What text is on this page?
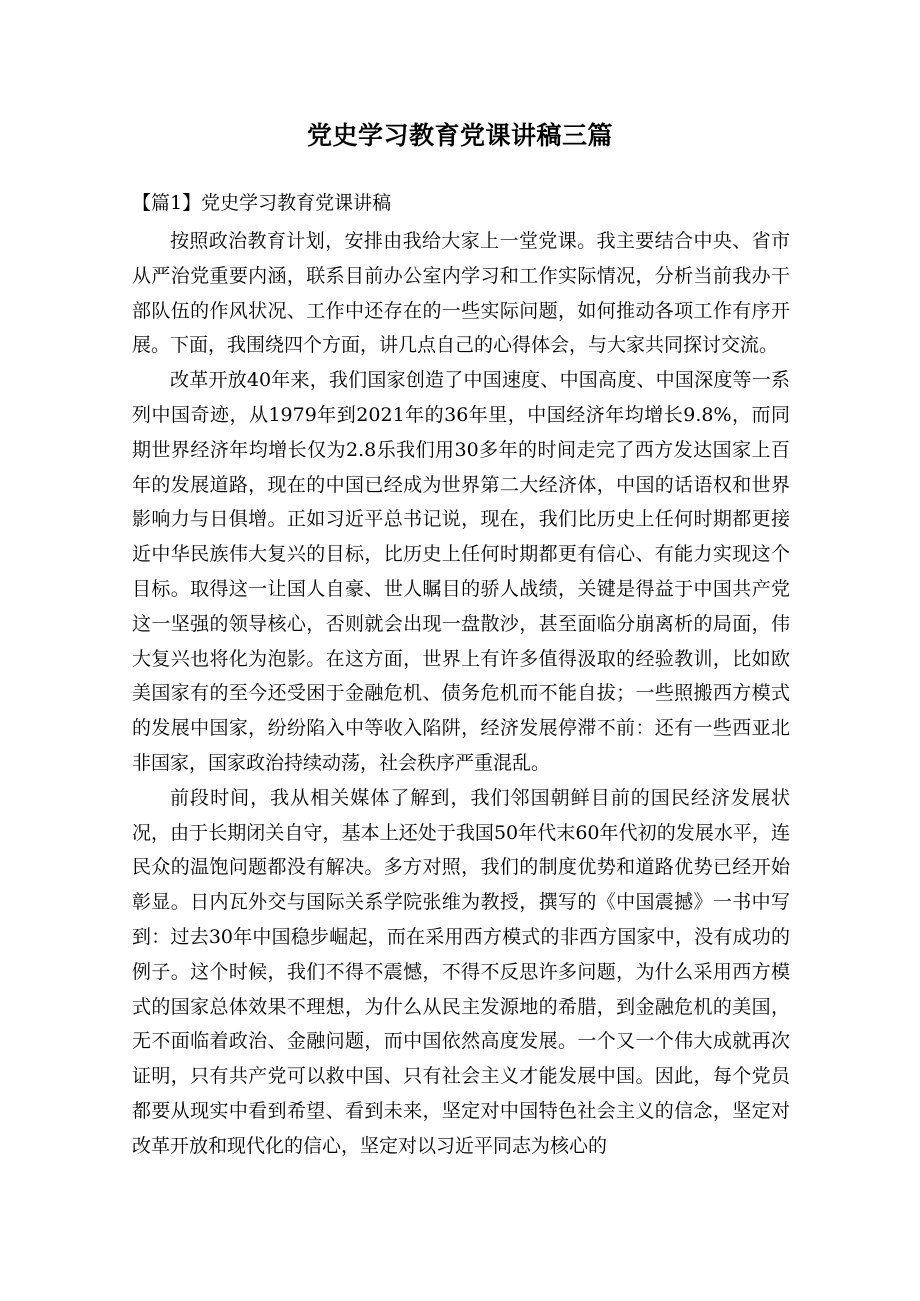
党史学习教育党课讲稿三篇
【篇1】党史学习教育党课讲稿

按照政治教育计划，安排由我给大家上一堂党课。我主要结合中央、省市从严治党重要内涵，联系目前办公室内学习和工作实际情况，分析当前我办干部队伍的作风状况、工作中还存在的一些实际问题，如何推动各项工作有序开展。下面，我围绕四个方面，讲几点自己的心得体会，与大家共同探讨交流。

改革开放40年来，我们国家创造了中国速度、中国高度、中国深度等一系列中国奇迹，从1979年到2021年的36年里，中国经济年均增长9.8%，而同期世界经济年均增长仅为2.8乐我们用30多年的时间走完了西方发达国家上百年的发展道路，现在的中国已经成为世界第二大经济体，中国的话语权和世界影响力与日俱增。正如习近平总书记说，现在，我们比历史上任何时期都更接近中华民族伟大复兴的目标，比历史上任何时期都更有信心、有能力实现这个目标。取得这一让国人自豪、世人瞩目的骄人战绩，关键是得益于中国共产党这一坚强的领导核心，否则就会出现一盘散沙，甚至面临分崩离析的局面，伟大复兴也将化为泡影。在这方面，世界上有许多值得汲取的经验教训，比如欧美国家有的至今还受困于金融危机、债务危机而不能自拔；一些照搬西方模式的发展中国家，纷纷陷入中等收入陷阱，经济发展停滞不前：还有一些西亚北非国家，国家政治持续动荡，社会秩序严重混乱。

前段时间，我从相关媒体了解到，我们邻国朝鲜目前的国民经济发展状况，由于长期闭关自守，基本上还处于我国50年代末60年代初的发展水平，连民众的温饱问题都没有解决。多方对照，我们的制度优势和道路优势已经开始彰显。日内瓦外交与国际关系学院张维为教授，撰写的《中国震撼》一书中写到：过去30年中国稳步崛起，而在采用西方模式的非西方国家中，没有成功的例子。这个时候，我们不得不震憾，不得不反思许多问题，为什么采用西方模式的国家总体效果不理想，为什么从民主发源地的希腊，到金融危机的美国，无不面临着政治、金融问题，而中国依然高度发展。一个又一个伟大成就再次证明，只有共产党可以救中国、只有社会主义才能发展中国。因此，每个党员都要从现实中看到希望、看到未来，坚定对中国特色社会主义的信念，坚定对改革开放和现代化的信心，坚定对以习近平同志为核心的
